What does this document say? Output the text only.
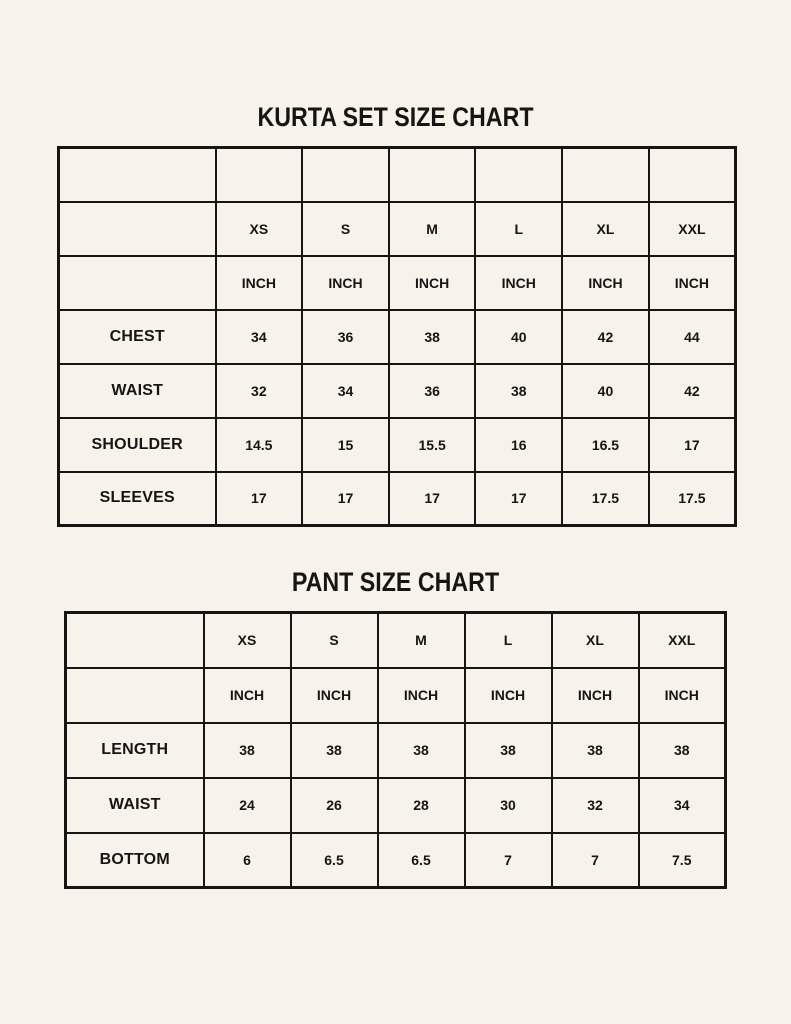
KURTA SET SIZE CHART

	XS	S	M	L	XL	XXL
	INCH	INCH	INCH	INCH	INCH	INCH
CHEST	34	36	38	40	42	44
WAIST	32	34	36	38	40	42
SHOULDER	14.5	15	15.5	16	16.5	17
SLEEVES	17	17	17	17	17.5	17.5
PANT SIZE CHART
	XS	S	M	L	XL	XXL
	INCH	INCH	INCH	INCH	INCH	INCH
LENGTH	38	38	38	38	38	38
WAIST	24	26	28	30	32	34
BOTTOM	6	6.5	6.5	7	7	7.5
